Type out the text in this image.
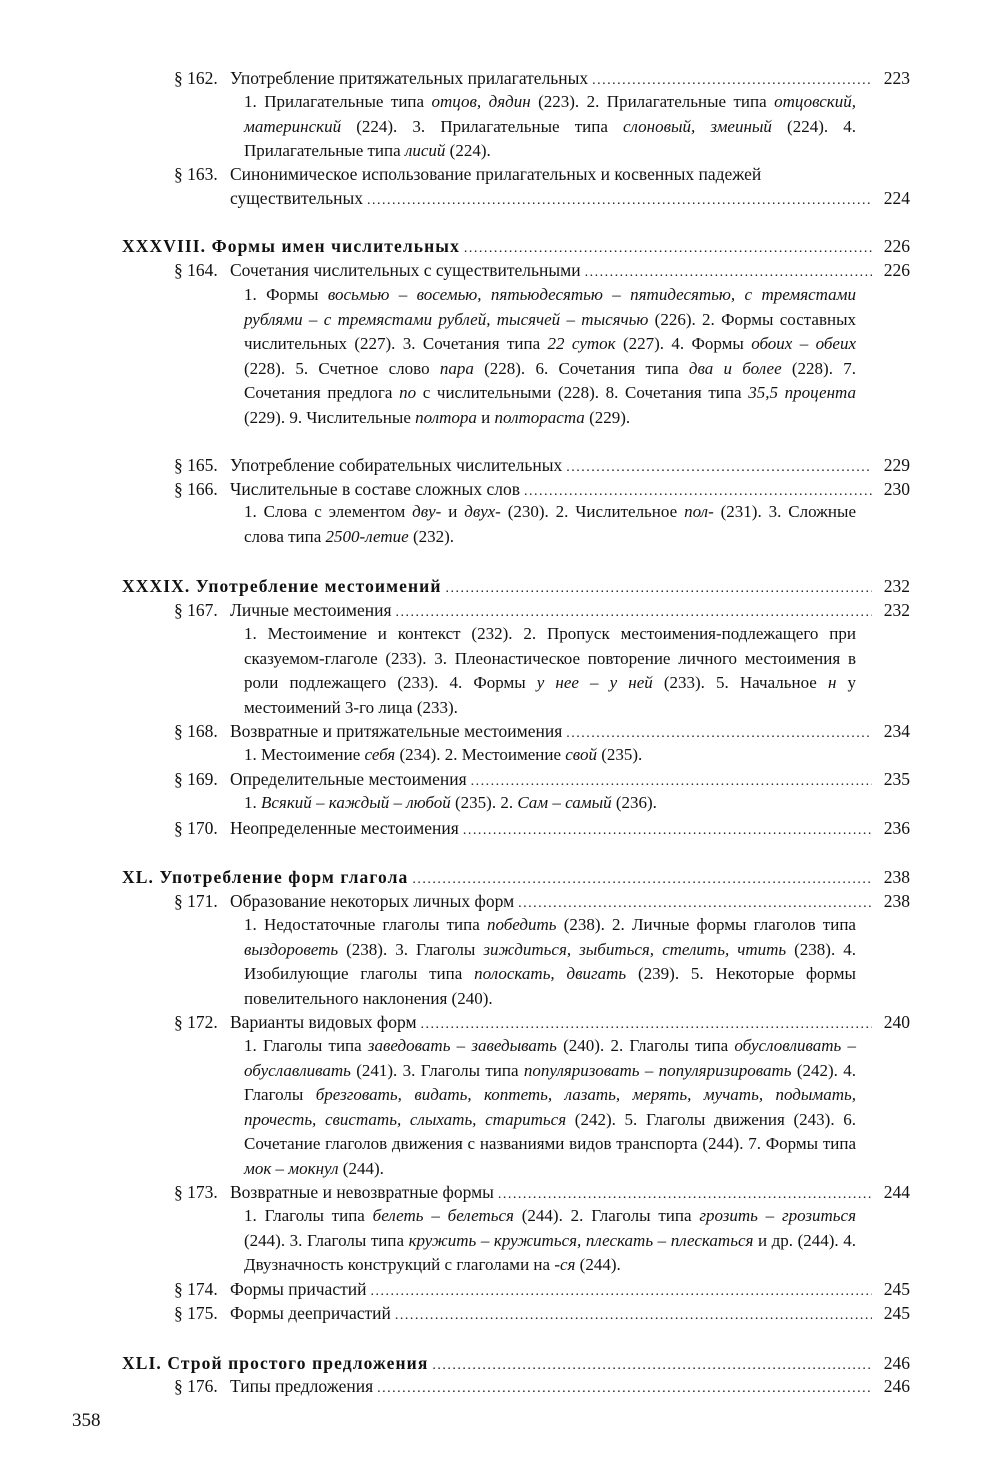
§ 162. Употребление притяжательных прилагательных . . .	223
1. Прилагательные типа отцов, дядин (223). 2. Прилагательные типа отцовский, материнский (224). 3. Прилагательные типа слоновый, змеиный (224). 4. Прилагательные типа лисий (224).
§ 163. Синонимическое использование прилагательных и косвенных падежей
существительных . . .	224
XXXVIII. Формы имен числительных . . .	226
§ 164. Сочетания числительных с существительными . . .	226
1. Формы восьмью – восемью, пятьюдесятью – пятидесятью, с тремястами рублями – с тремястами рублей, тысячей – тысячью (226). 2. Формы составных числительных (227). 3. Сочетания типа 22 суток (227). 4. Формы обоих – обеих (228). 5. Счетное слово пара (228). 6. Сочетания типа два и более (228). 7. Сочетания предлога по с числительными (228). 8. Сочетания типа 35,5 процента (229). 9. Числительные полтора и полтораста (229).
§ 165. Употребление собирательных числительных . . .	229
§ 166. Числительные в составе сложных слов . . .	230
1. Слова с элементом дву- и двух- (230). 2. Числительное пол- (231). 3. Сложные слова типа 2500-летие (232).
XXXIX. Употребление местоимений . . .	232
§ 167. Личные местоимения . . .	232
1. Местоимение и контекст (232). 2. Пропуск местоимения-подлежащего при сказуемом-глаголе (233). 3. Плеонастическое повторение личного местоимения в роли подлежащего (233). 4. Формы у нее – у ней (233). 5. Начальное н у местоимений 3-го лица (233).
§ 168. Возвратные и притяжательные местоимения . . .	234
1. Местоимение себя (234). 2. Местоимение свой (235).
§ 169. Определительные местоимения . . .	235
1. Всякий – каждый – любой (235). 2. Сам – самый (236).
§ 170. Неопределенные местоимения . . .	236
XL. Употребление форм глагола . . .	238
§ 171. Образование некоторых личных форм . . .	238
1. Недостаточные глаголы типа победить (238). 2. Личные формы глаголов типа выздороветь (238). 3. Глаголы зиждиться, зыбиться, стелить, чтить (238). 4. Изобилующие глаголы типа полоскать, двигать (239). 5. Некоторые формы повелительного наклонения (240).
§ 172. Варианты видовых форм . . .	240
1. Глаголы типа заведовать – заведывать (240). 2. Глаголы типа обусловливать – обуславливать (241). 3. Глаголы типа популяризовать – популяризировать (242). 4. Глаголы брезговать, видать, коптеть, лазать, мерять, мучать, подымать, прочесть, свистать, слыхать, стариться (242). 5. Глаголы движения (243). 6. Сочетание глаголов движения с названиями видов транспорта (244). 7. Формы типа мок – мокнул (244).
§ 173. Возвратные и невозвратные формы . . .	244
1. Глаголы типа белеть – белеться (244). 2. Глаголы типа грозить – грозиться (244). 3. Глаголы типа кружить – кружиться, плескать – плескаться и др. (244). 4. Двузначность конструкций с глаголами на -ся (244).
§ 174. Формы причастий . . .	245
§ 175. Формы деепричастий . . .	245
XLI. Строй простого предложения . . .	246
§ 176. Типы предложения . . .	246
358
